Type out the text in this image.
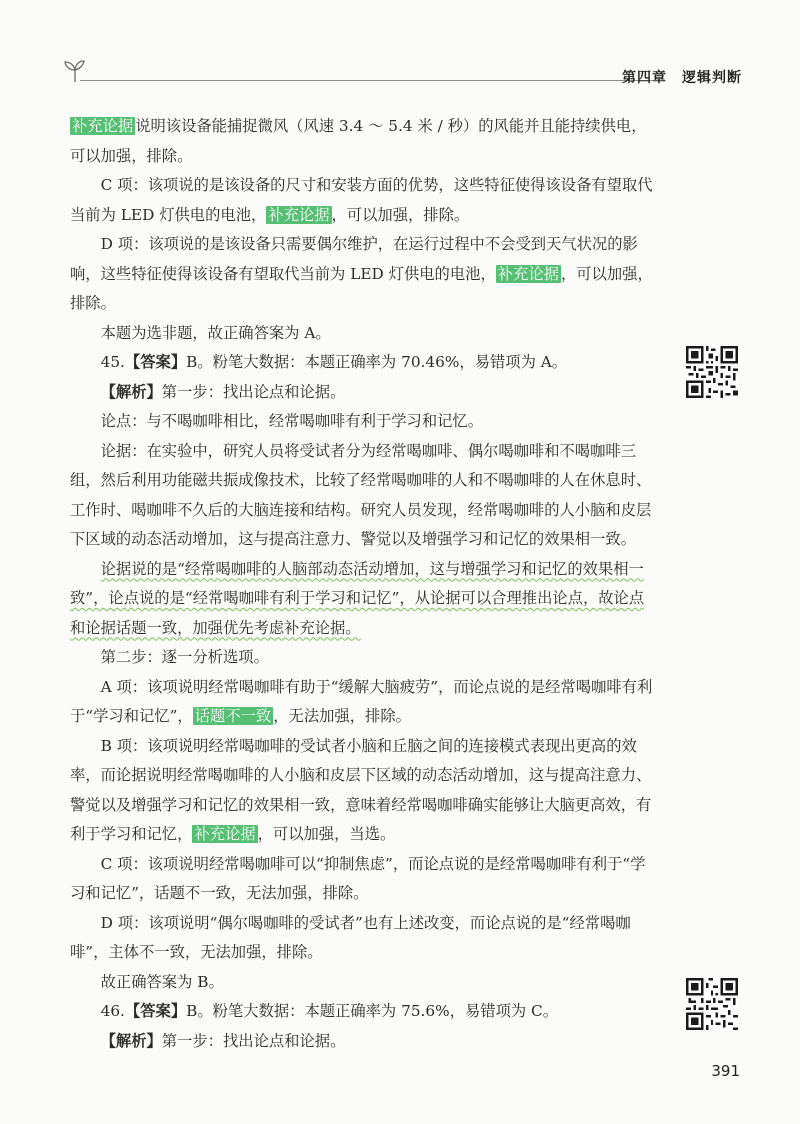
第四章　逻辑判断

补充论据 说明该设备能捕捉微风（风速 3.4 ～ 5.4 米 / 秒）的风能并且能持续供电，可以加强，排除。

C 项：该项说的是该设备的尺寸和安装方面的优势，这些特征使得该设备有望取代当前为 LED 灯供电的电池， 补充论据 ，可以加强，排除。

D 项：该项说的是该设备只需要偶尔维护，在运行过程中不会受到天气状况的影响，这些特征使得该设备有望取代当前为 LED 灯供电的电池， 补充论据 ，可以加强，排除。

本题为选非题，故正确答案为 A。

45.【答案】B。粉笔大数据：本题正确率为 70.46%，易错项为 A。

【解析】第一步：找出论点和论据。

论点：与不喝咖啡相比，经常喝咖啡有利于学习和记忆。

论据：在实验中，研究人员将受试者分为经常喝咖啡、偶尔喝咖啡和不喝咖啡三组，然后利用功能磁共振成像技术，比较了经常喝咖啡的人和不喝咖啡的人在休息时、工作时、喝咖啡不久后的大脑连接和结构。研究人员发现，经常喝咖啡的人小脑和皮层下区域的动态活动增加，这与提高注意力、警觉以及增强学习和记忆的效果相一致。

论据说的是“经常喝咖啡的人脑部动态活动增加，这与增强学习和记忆的效果相一致”，论点说的是“经常喝咖啡有利于学习和记忆”，从论据可以合理推出论点，故论点和论据话题一致，加强优先考虑补充论据。

第二步：逐一分析选项。

A 项：该项说明经常喝咖啡有助于“缓解大脑疲劳”，而论点说的是经常喝咖啡有利于“学习和记忆”， 话题不一致 ，无法加强，排除。

B 项：该项说明经常喝咖啡的受试者小脑和丘脑之间的连接模式表现出更高的效率，而论据说明经常喝咖啡的人小脑和皮层下区域的动态活动增加，这与提高注意力、警觉以及增强学习和记忆的效果相一致，意味着经常喝咖啡确实能够让大脑更高效，有利于学习和记忆， 补充论据 ，可以加强，当选。

C 项：该项说明经常喝咖啡可以“抑制焦虑”，而论点说的是经常喝咖啡有利于“学习和记忆”，话题不一致，无法加强，排除。

D 项：该项说明“偶尔喝咖啡的受试者”也有上述改变，而论点说的是“经常喝咖啡”，主体不一致，无法加强，排除。

故正确答案为 B。

46.【答案】B。粉笔大数据：本题正确率为 75.6%，易错项为 C。

【解析】第一步：找出论点和论据。

391
